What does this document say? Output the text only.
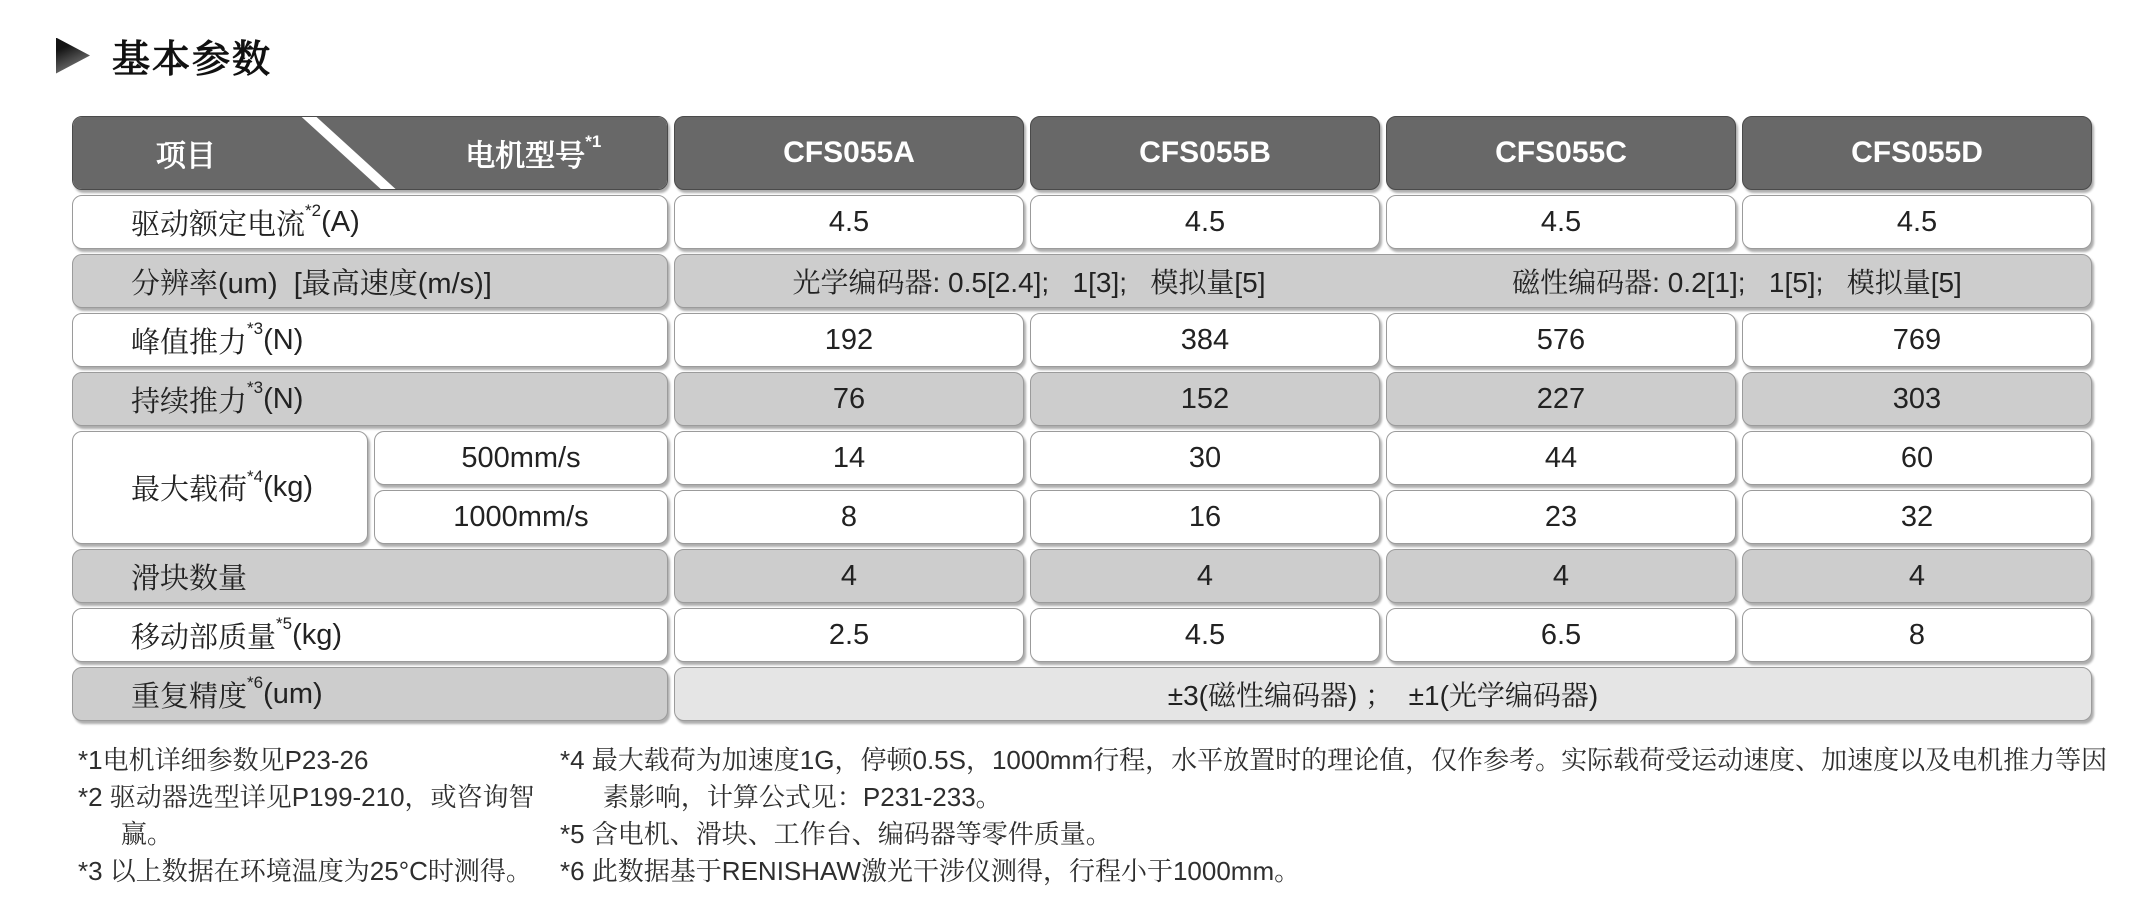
基本参数
项目	电机型号$^{*1}$	CFS055A	CFS055B	CFS055C	CFS055D
驱动额定电流$^{*2}$ (A)	4.5	4.5	4.5	4.5
分辨率(um)  [最高速度(m/s)]	光学编码器: 0.5[2.4];   1[3];   模拟量[5]	磁性编码器: 0.2[1];   1[5];   模拟量[5]
峰值推力$^{*3}$ (N)	192	384	576	769
持续推力$^{*3}$ (N)	76	152	227	303
最大载荷$^{*4}$ (kg)
500mm/s	14	30	44	60
1000mm/s	8	16	23	32
滑块数量	4	4	4	4
移动部质量$^{*5}$ (kg)	2.5	4.5	6.5	8
重复精度$^{*6}$ (um)	±3(磁性编码器) ；  ±1(光学编码器)
*1电机详细参数见P23-26
*2 驱动器选型详见P199-210，或咨询智赢。
*3 以上数据在环境温度为25°C时测得。
*4 最大载荷为加速度1G，停顿0.5S，1000mm行程，水平放置时的理论值，仅作参考。实际载荷受运动速度、加速度以及电机推力等因素影响，计算公式见：P231-233。
*5 含电机、滑块、工作台、编码器等零件质量。
*6 此数据基于RENISHAW激光干涉仪测得，行程小于1000mm。
